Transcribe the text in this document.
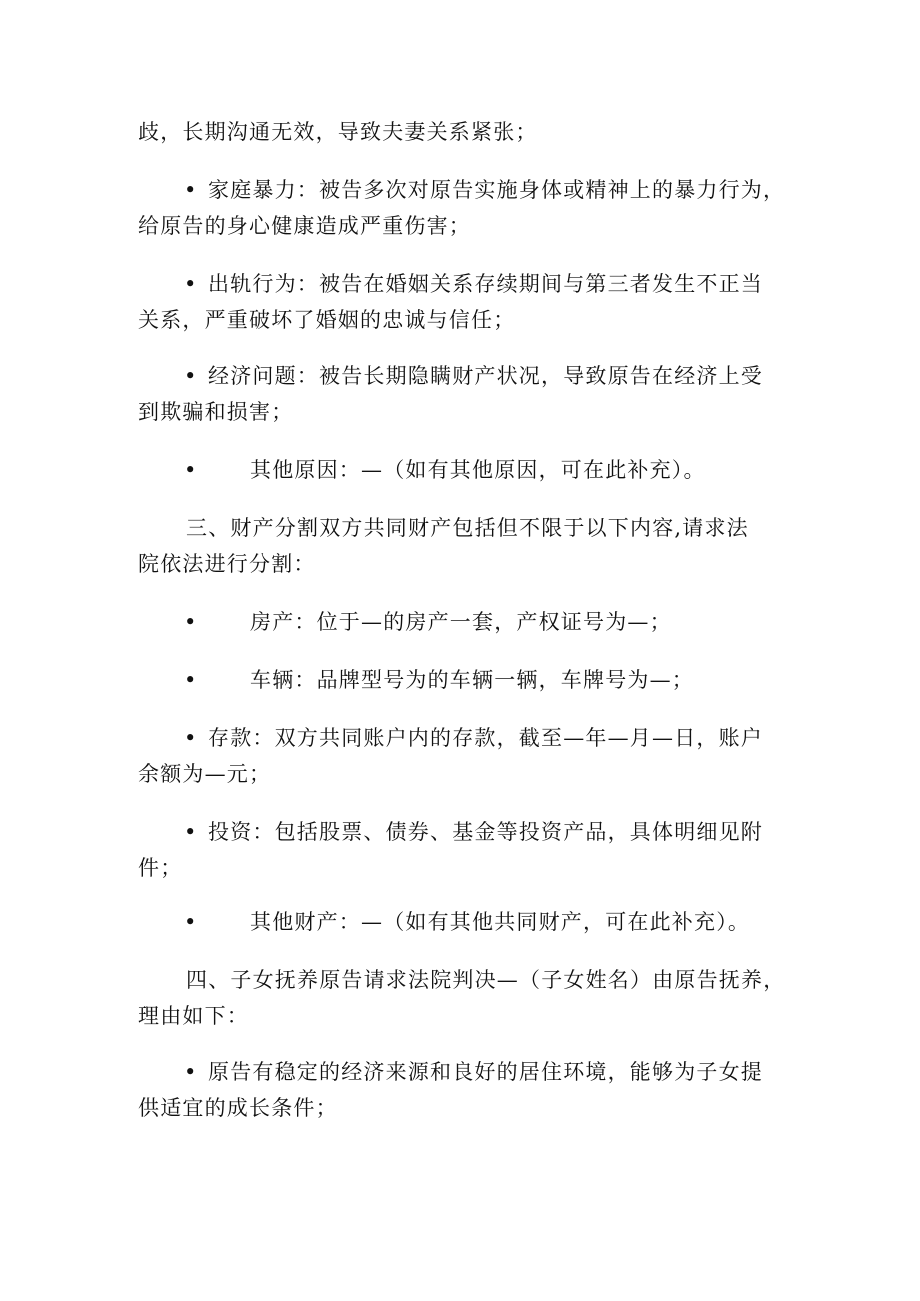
歧，长期沟通无效，导致夫妻关系紧张；

• 家庭暴力：被告多次对原告实施身体或精神上的暴力行为，

给原告的身心健康造成严重伤害；

• 出轨行为：被告在婚姻关系存续期间与第三者发生不正当

关系，严重破坏了婚姻的忠诚与信任；

• 经济问题：被告长期隐瞒财产状况，导致原告在经济上受

到欺骗和损害；

•	其他原因：—（如有其他原因，可在此补充）。

三、财产分割双方共同财产包括但不限于以下内容,请求法

院依法进行分割：

•	房产：位于—的房产一套，产权证号为—；

•	车辆：品牌型号为的车辆一辆，车牌号为—；

• 存款：双方共同账户内的存款，截至—年—月—日，账户

余额为—元；

• 投资：包括股票、债券、基金等投资产品，具体明细见附

件；

•	其他财产：—（如有其他共同财产，可在此补充）。

四、子女抚养原告请求法院判决—（子女姓名）由原告抚养，

理由如下：

• 原告有稳定的经济来源和良好的居住环境，能够为子女提

供适宜的成长条件；
